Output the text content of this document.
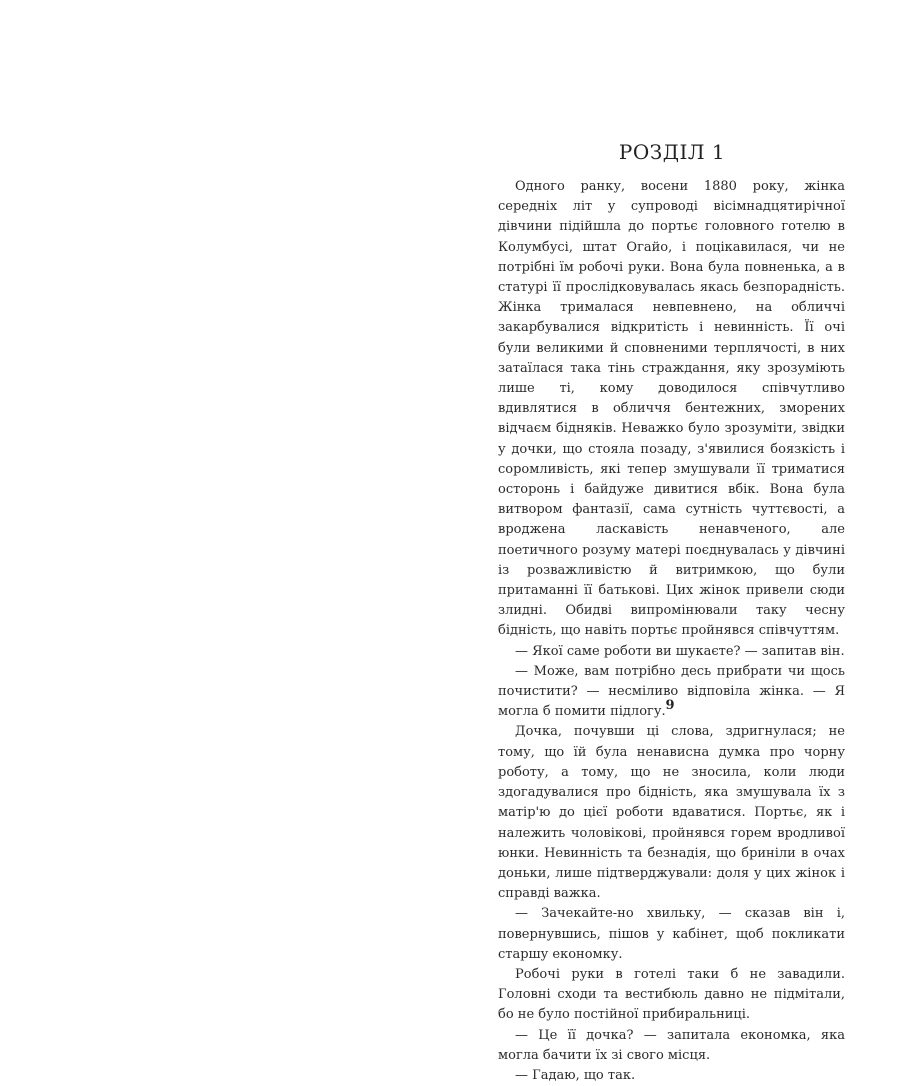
РОЗДІЛ 1

Одного ранку, восени 1880 року, жінка середніх літ у супроводі вісімнадцятирічної дівчини підійшла до портьє головного готелю в Колумбусі, штат Огайо, і поцікавилася, чи не потрібні їм робочі руки. Вона була повненька, а в статурі її прослідковувалась якась безпорадність. Жінка трималася невпевнено, на обличчі закарбувалися відкритість і невинність. Її очі були великими й сповненими терплячості, в них затаїлася така тінь страждання, яку зрозуміють лише ті, кому доводилося співчутливо вдивлятися в обличчя бентежних, зморених відчаєм бідняків. Неважко було зрозуміти, звідки у дочки, що стояла позаду, з'явилися боязкість і соромливість, які тепер змушували її триматися осторонь і байдуже дивитися вбік. Вона була витвором фантазії, сама сутність чуттєвості, а вроджена ласкавість ненавченого, але поетичного розуму матері поєднувалась у дівчині із розважливістю й витримкою, що були притаманні її батькові. Цих жінок привели сюди злидні. Обидві випромінювали таку чесну бідність, що навіть портьє пройнявся співчуттям.

— Якої саме роботи ви шукаєте? — запитав він.

— Може, вам потрібно десь прибрати чи щось почистити? — несміливо відповіла жінка. — Я могла б помити підлогу.

Дочка, почувши ці слова, здригнулася; не тому, що їй була ненависна думка про чорну роботу, а тому, що не зносила, коли люди здогадувалися про бідність, яка змушувала їх з матір'ю до цієї роботи вдаватися. Портьє, як і належить чоловікові, пройнявся горем вродливої юнки. Невинність та безнадія, що бриніли в очах доньки, лише підтверджували: доля у цих жінок і справді важка.

— Зачекайте-но хвильку, — сказав він і, повернувшись, пішов у кабінет, щоб покликати старшу економку.

Робочі руки в готелі таки б не завадили. Головні сходи та вестибюль давно не підмітали, бо не було постійної прибиральниці.

— Це її дочка? — запитала економка, яка могла бачити їх зі свого місця.

— Гадаю, що так.

9
